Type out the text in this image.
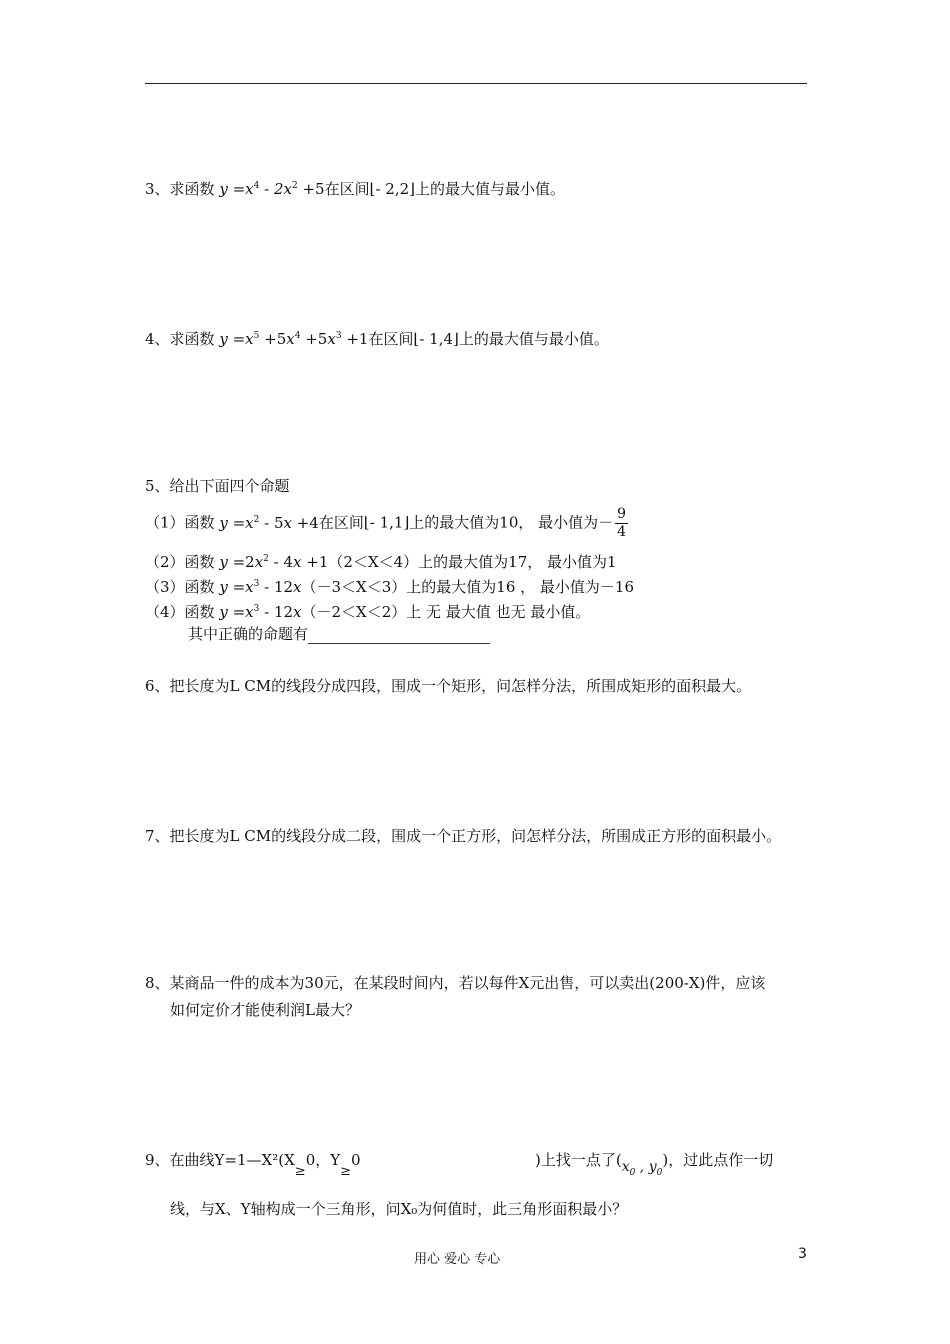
3、求函数 $y =x^4 - 2x^2 +5$在区间⌊- 2,2⌋上的最大值与最小值。
4、求函数 $y =x^5 +5x^4 +5x^3 +1$在区间⌊- 1,4⌋上的最大值与最小值。
5、给出下面四个命题
（1）函数 $y =x^2 - 5x +4$在区间⌊- 1,1⌋上的最大值为10， 最小值为－ $\frac{9}{4}$
（2）函数 $y =2x^2 - 4x +1(2<X<4)$上的最大值为17， 最小值为1
（3）函数 $y =x^3 - 12x(-3<X<3)$上的最大值为16 ， 最小值为－16
（4）函数 $y =x^3 - 12x(-2<X<2)$上 无 最大值 也无 最小值。
其中正确的命题有
6、把长度为L CM的线段分成四段，围成一个矩形，问怎样分法，所围成矩形的面积最大。
7、把长度为L CM的线段分成二段，围成一个正方形，问怎样分法，所围成正方形的面积最小。
8、某商品一件的成本为30元，在某段时间内，若以每件X元出售，可以卖出(200-X)件，应该
如何定价才能使利润L最大？
9、在曲线Y=1—X²(X≥0，Y≥0	)上找一点了($x_0$ , $y_0$)，过此点作一切
线，与X、Y轴构成一个三角形，问X₀为何值时，此三角形面积最小？
用心 爱心 专心	3
